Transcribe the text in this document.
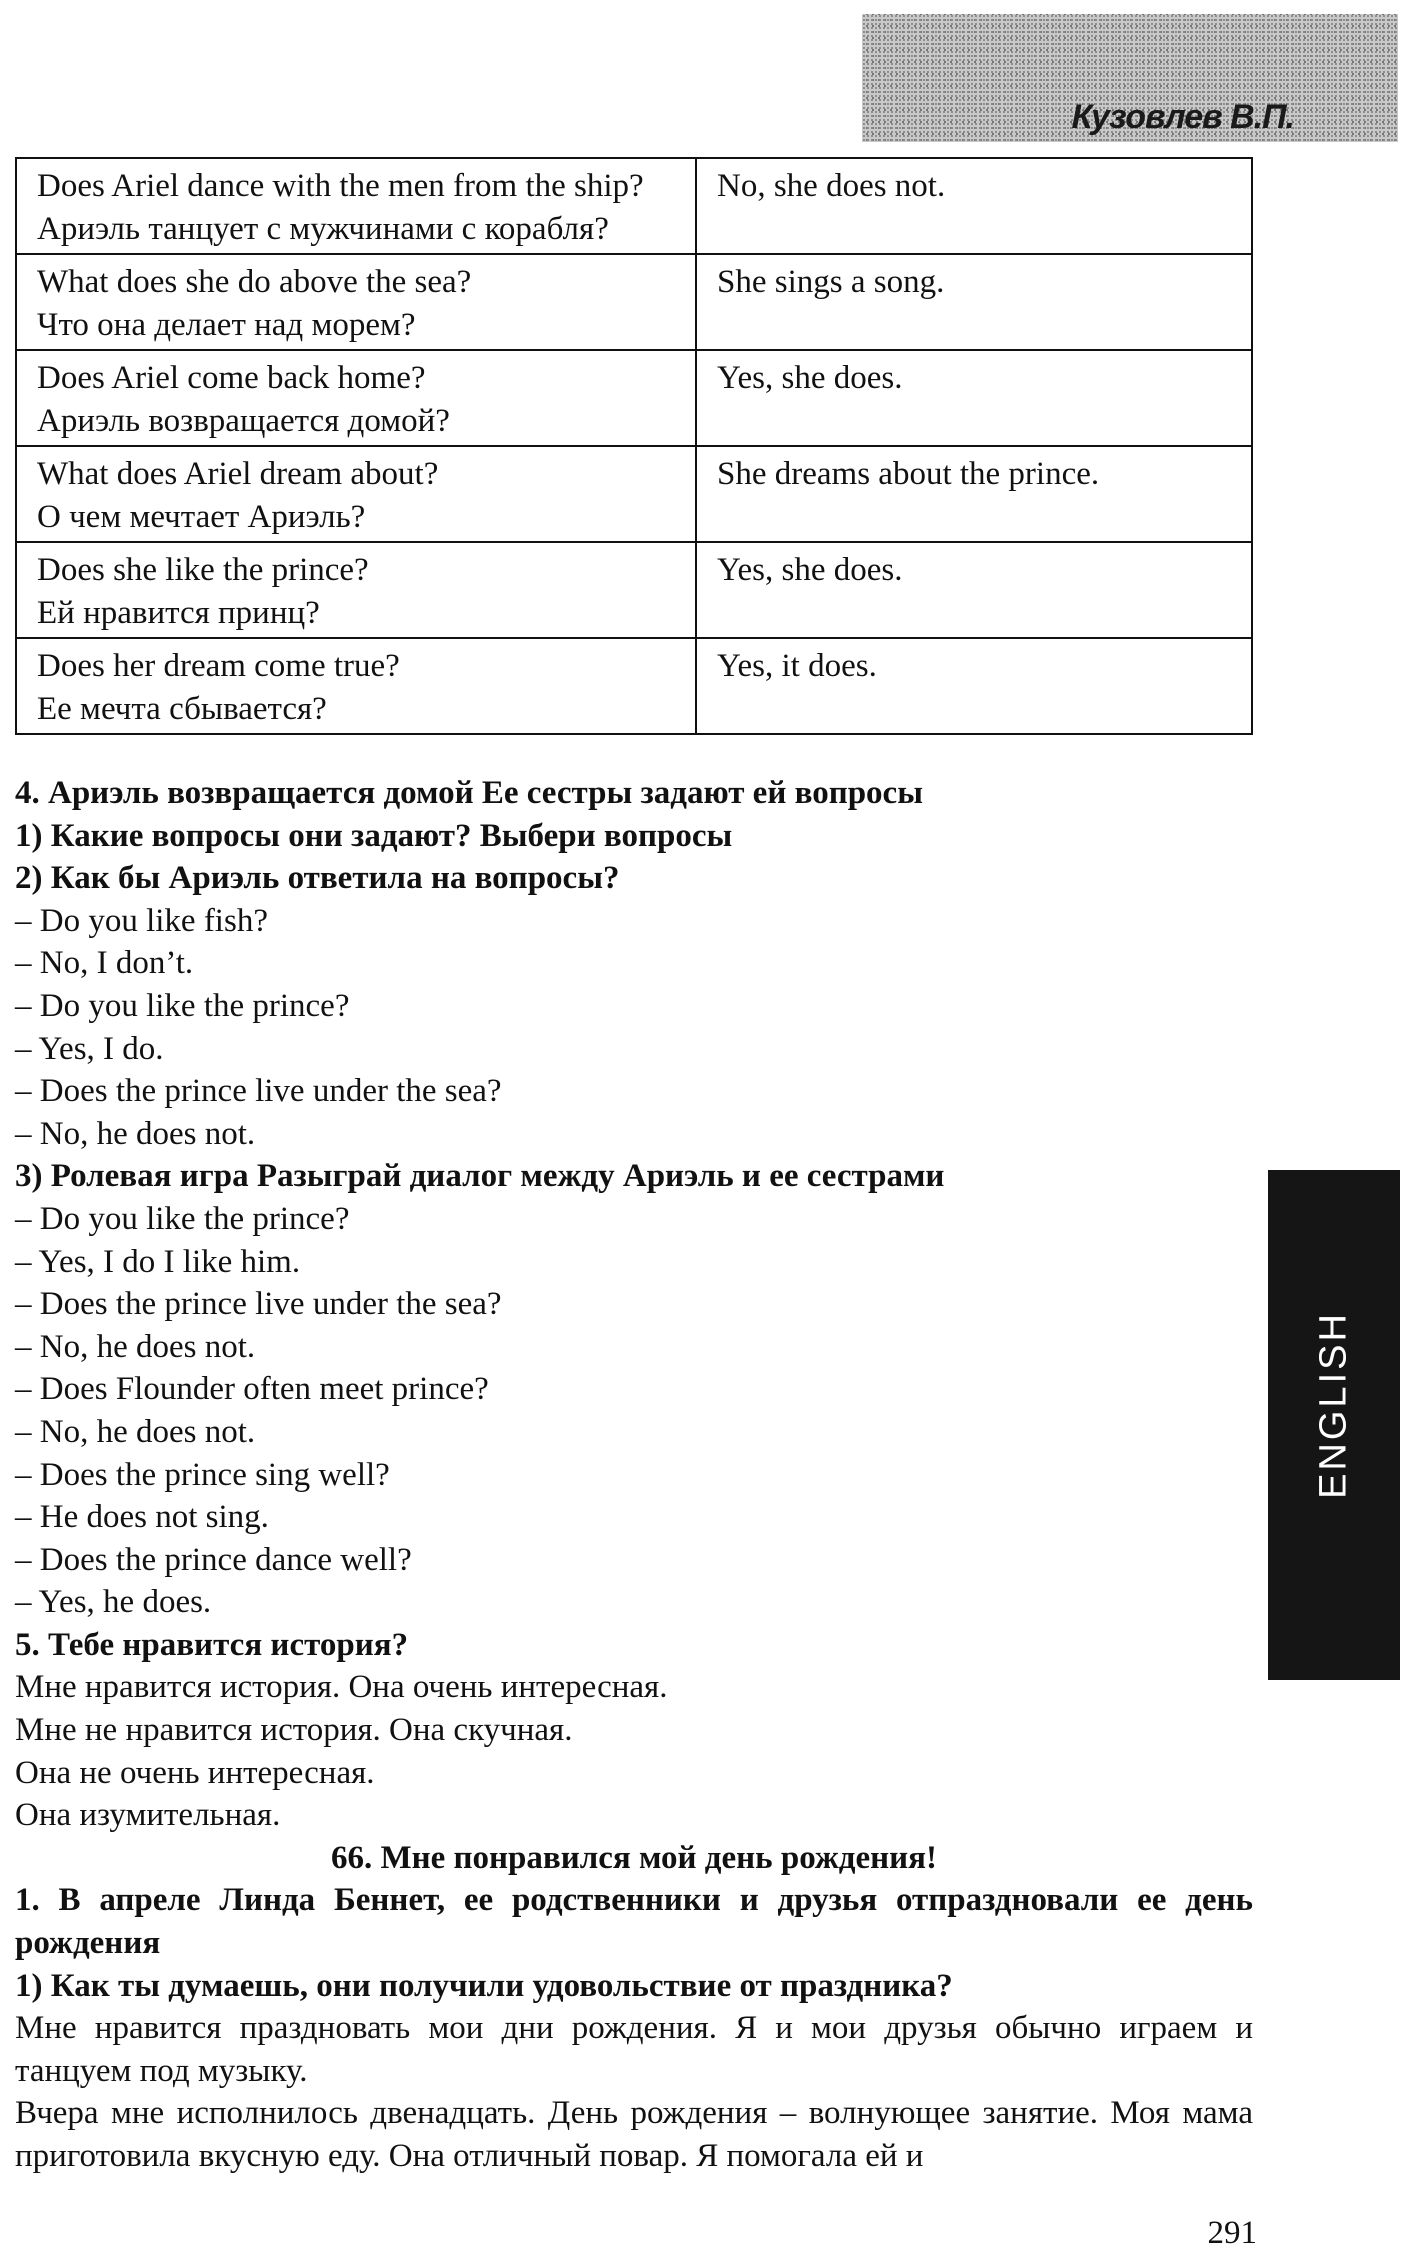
Кузовлев В.П.
Does Ariel dance with the men from the ship?
Ариэль танцует с мужчинами с корабля?	No, she does not.

What does she do above the sea?
Что она делает над морем?	She sings a song.

Does Ariel come back home?
Ариэль возвращается домой?	Yes, she does.

What does Ariel dream about?
О чем мечтает Ариэль?	She dreams about the prince.

Does she like the prince?
Ей нравится принц?	Yes, she does.

Does her dream come true?
Ее мечта сбывается?	Yes, it does.

4. Ариэль возвращается домой Ее сестры задают ей вопросы

1) Какие вопросы они задают? Выбери вопросы

2) Как бы Ариэль ответила на вопросы?

– Do you like fish?

– No, I don’t.

– Do you like the prince?

– Yes, I do.

– Does the prince live under the sea?

– No, he does not.

3) Ролевая игра Разыграй диалог между Ариэль и ее сестрами

– Do you like the prince?

– Yes, I do I like him.

– Does the prince live under the sea?

– No, he does not.

– Does Flounder often meet prince?

– No, he does not.

– Does the prince sing well?

– He does not sing.

– Does the prince dance well?

– Yes, he does.

5. Тебе нравится история?

Мне нравится история. Она очень интересная.

Мне не нравится история. Она скучная.

Она не очень интересная.

Она изумительная.

66. Мне понравился мой день рождения!

1. В апреле Линда Беннет, ее родственники и друзья отпраздновали ее день рождения

1) Как ты думаешь, они получили удовольствие от праздника?

Мне нравится праздновать мои дни рождения. Я и мои друзья обычно играем и танцуем под музыку.

Вчера мне исполнилось двенадцать. День рождения – волнующее занятие. Моя мама приготовила вкусную еду. Она отличный повар. Я помогала ей и

ENGLISH
291
